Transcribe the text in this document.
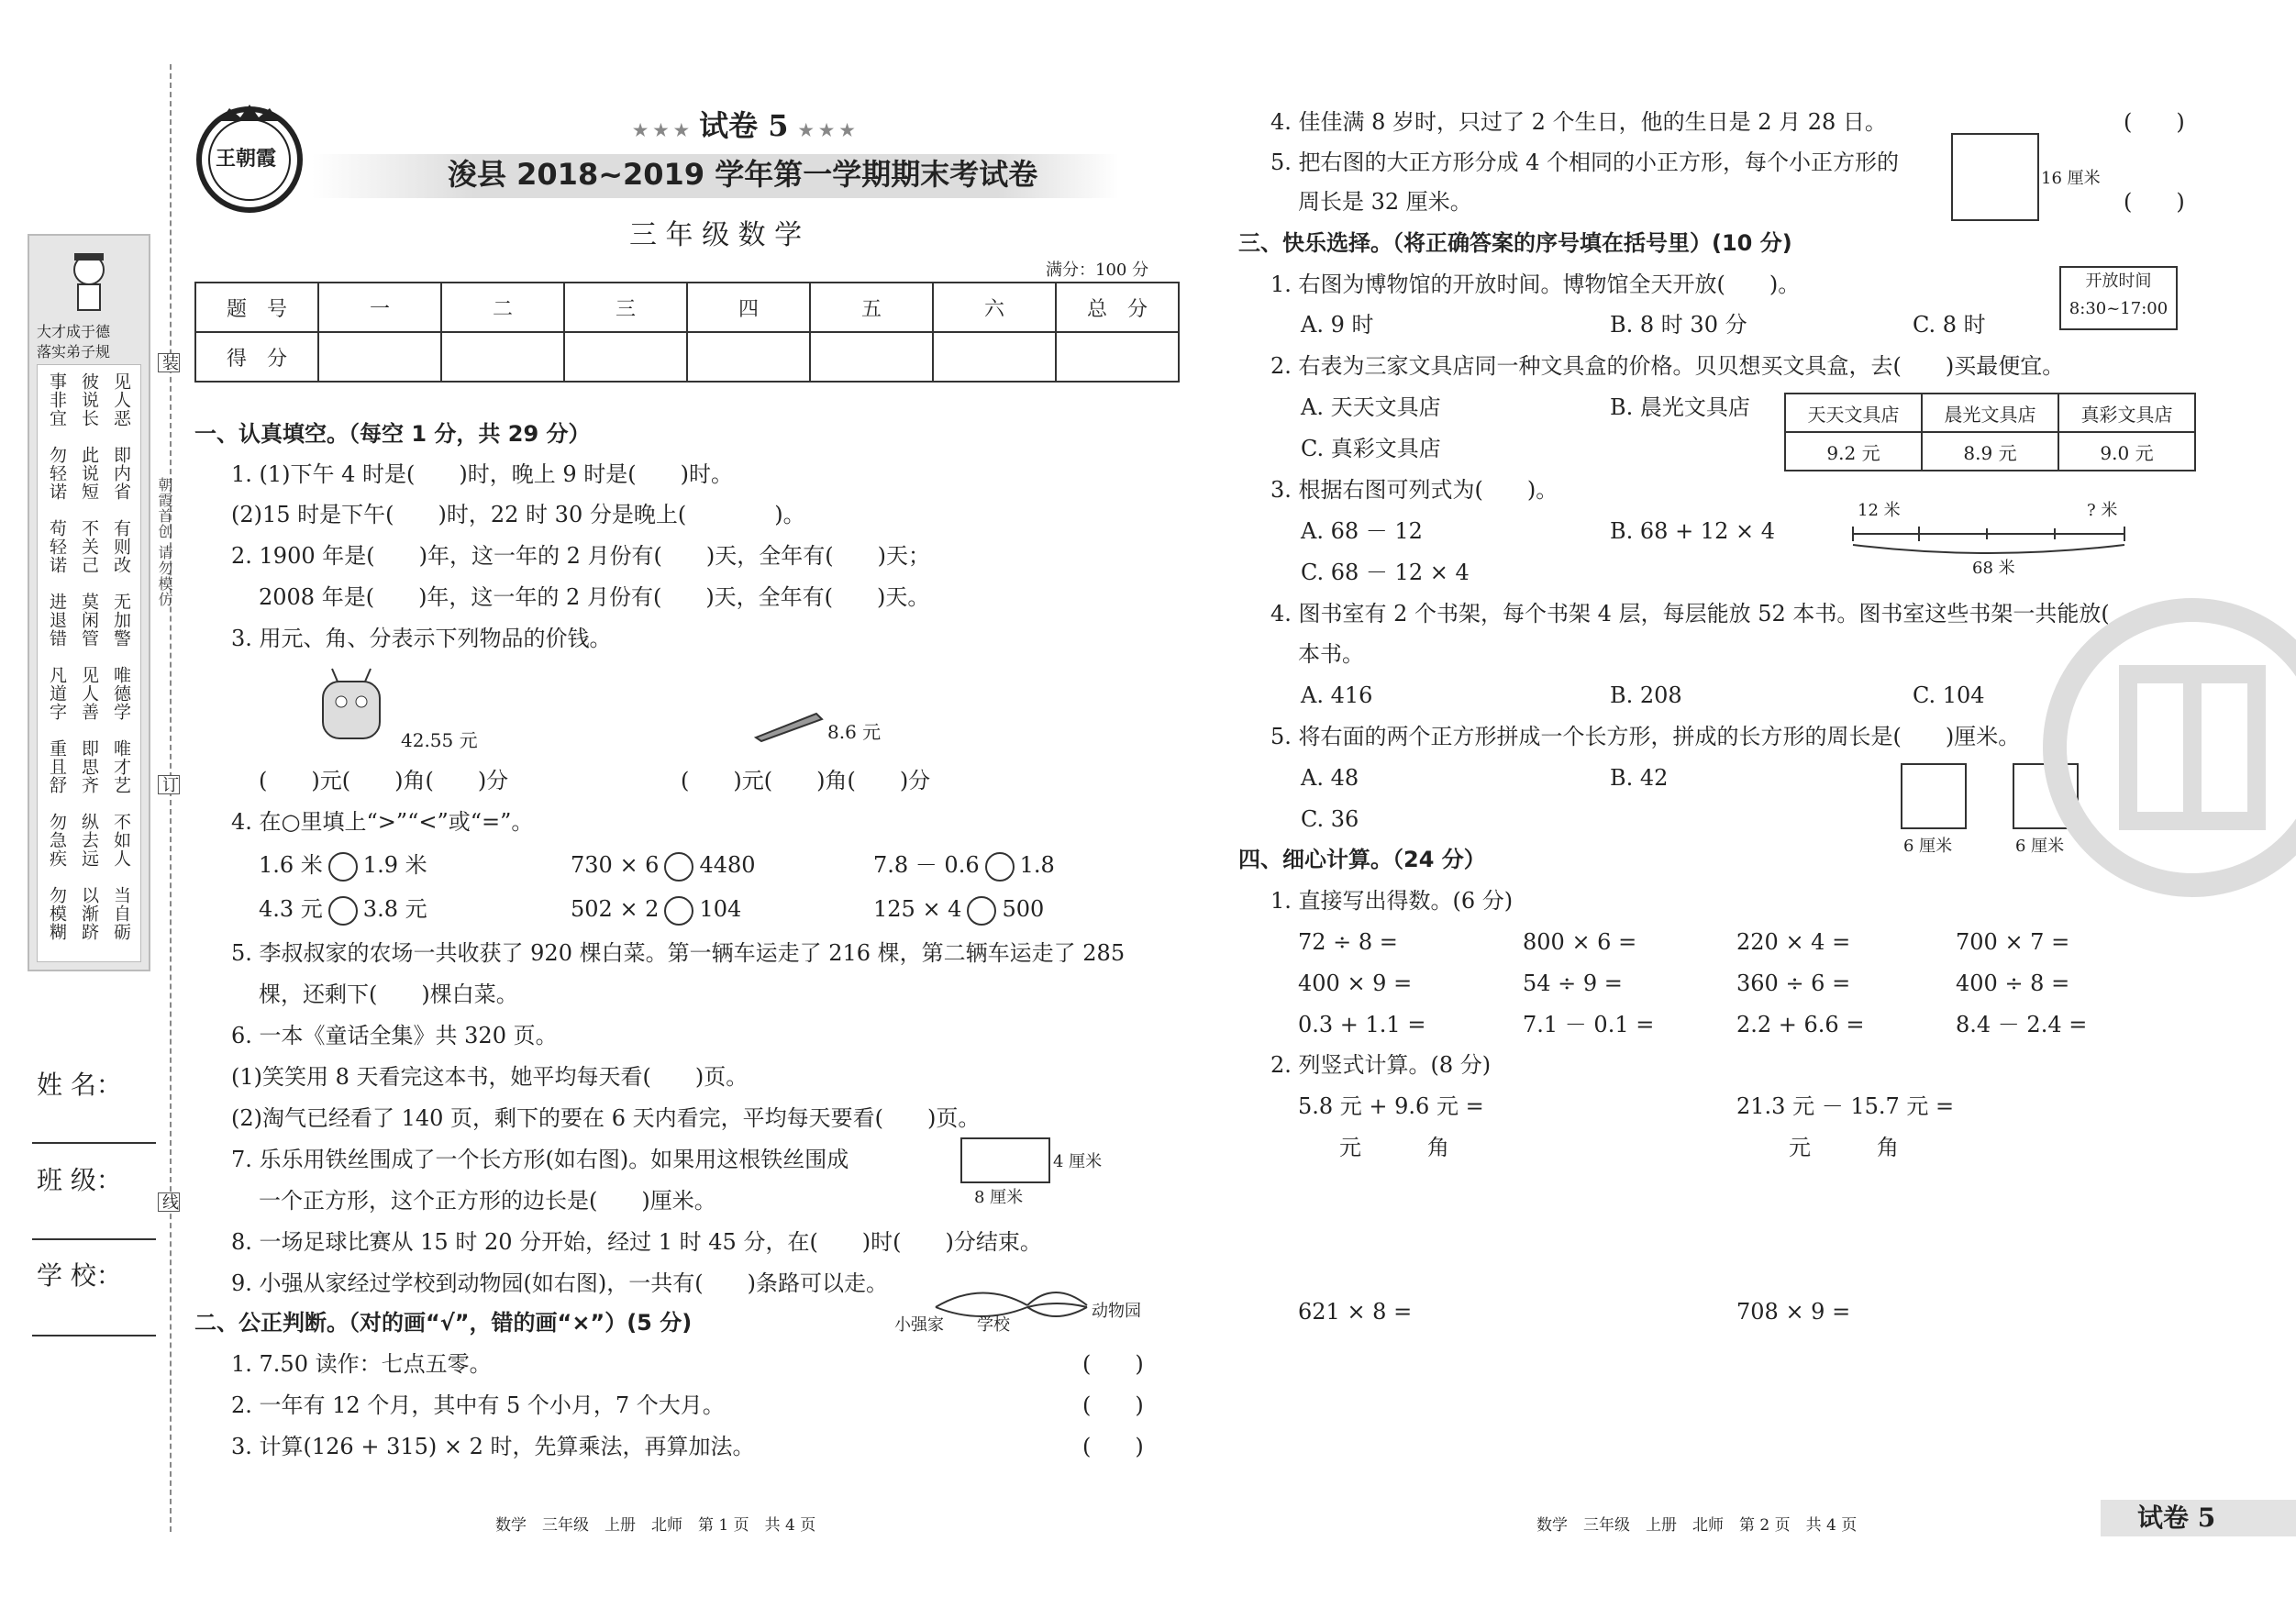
大才成于德
落实弟子规
见人恶
彼说长
事非宜
即内省
此说短
勿轻诺
有则改
不关己
苟轻诺
无加警
莫闲管
进退错
唯德学
见人善
凡道字
唯才艺
即思齐
重且舒
不如人
纵去远
勿急疾
当自砺
以渐跻
勿模糊
装
朝霞首创 请勿模仿
订
线
姓 名：
班 级：
学 校：
王朝霞
★ ★ ★ 试卷 5 ★ ★ ★
浚县 2018~2019 学年第一学期期末考试卷
三 年 级 数 学
满分：100 分
题　号	一	二	三	四	五	六	总　分
得　分							
一、认真填空。（每空 1 分，共 29 分）
1. (1)下午 4 时是(　　)时，晚上 9 时是(　　)时。
(2)15 时是下午(　　)时，22 时 30 分是晚上(　　　　)。
2. 1900 年是(　　)年，这一年的 2 月份有(　　)天，全年有(　　)天；
2008 年是(　　)年，这一年的 2 月份有(　　)天，全年有(　　)天。
3. 用元、角、分表示下列物品的价钱。
42.55 元	8.6 元
(　　)元(　　)角(　　)分	(　　)元(　　)角(　　)分
4. 在○里填上“>”“<”或“=”。
1.6 米 1.9 米	730 × 6 4480	7.8 － 0.6 1.8
4.3 元 3.8 元	502 × 2 104	125 × 4 500
5. 李叔叔家的农场一共收获了 920 棵白菜。第一辆车运走了 216 棵，第二辆车运走了 285
棵，还剩下(　　)棵白菜。
6. 一本《童话全集》共 320 页。
(1)笑笑用 8 天看完这本书，她平均每天看(　　)页。
(2)淘气已经看了 140 页，剩下的要在 6 天内看完，平均每天要看(　　)页。
7. 乐乐用铁丝围成了一个长方形(如右图)。如果用这根铁丝围成
一个正方形，这个正方形的边长是(　　)厘米。
4 厘米
8 厘米
8. 一场足球比赛从 15 时 20 分开始，经过 1 时 45 分，在(　　)时(　　)分结束。
9. 小强从家经过学校到动物园(如右图)，一共有(　　)条路可以走。
小强家 学校
动物园
二、公正判断。（对的画“√”，错的画“×”）(5 分)
1. 7.50 读作：七点五零。	(　　)
2. 一年有 12 个月，其中有 5 个小月，7 个大月。	(　　)
3. 计算(126 + 315) × 2 时，先算乘法，再算加法。	(　　)
数学　三年级　上册　北师　第 1 页　共 4 页
4. 佳佳满 8 岁时，只过了 2 个生日，他的生日是 2 月 28 日。	(　　)
5. 把右图的大正方形分成 4 个相同的小正方形，每个小正方形的
周长是 32 厘米。
16 厘米
(　　)
三、快乐选择。（将正确答案的序号填在括号里）(10 分)
1. 右图为博物馆的开放时间。博物馆全天开放(　　)。
A. 9 时	B. 8 时 30 分	C. 8 时
开放时间
8:30~17:00
2. 右表为三家文具店同一种文具盒的价格。贝贝想买文具盒，去(　　)买最便宜。
A. 天天文具店	B. 晨光文具店
C. 真彩文具店
天天文具店	晨光文具店	真彩文具店
9.2 元	8.9 元	9.0 元
3. 根据右图可列式为(　　)。
A. 68 － 12	B. 68 + 12 × 4
C. 68 － 12 × 4
12 米	? 米
68 米
4. 图书室有 2 个书架，每个书架 4 层，每层能放 52 本书。图书室这些书架一共能放(　　)
本书。
A. 416	B. 208	C. 104
5. 将右面的两个正方形拼成一个长方形，拼成的长方形的周长是(　　)厘米。
A. 48	B. 42
C. 36
6 厘米	6 厘米
四、细心计算。（24 分）
1. 直接写出得数。(6 分)
72 ÷ 8 =	800 × 6 =	220 × 4 =	700 × 7 =
400 × 9 =	54 ÷ 9 =	360 ÷ 6 =	400 ÷ 8 =
0.3 + 1.1 =	7.1 － 0.1 =	2.2 + 6.6 =	8.4 － 2.4 =
2. 列竖式计算。(8 分)
5.8 元 + 9.6 元 =	21.3 元 － 15.7 元 =
元　　　角	元　　　角
621 × 8 =	708 × 9 =
数学　三年级　上册　北师　第 2 页　共 4 页	试卷 5
